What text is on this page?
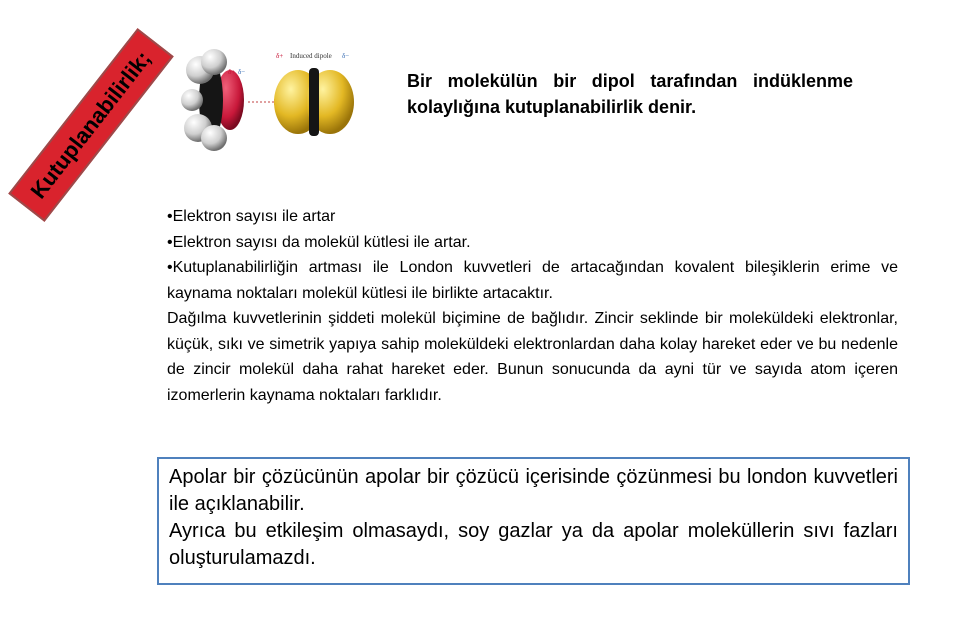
Kutuplanabilirlik;	δ+ δ−
δ+	δ−
Induced dipole
Bir molekülün bir dipol tarafından indüklenme kolaylığına kutuplanabilirlik denir.

•Elektron sayısı ile artar

•Elektron sayısı da molekül kütlesi ile artar.

•Kutuplanabilirliğin artması ile London kuvvetleri de artacağından kovalent bileşiklerin erime ve kaynama noktaları molekül kütlesi ile birlikte artacaktır.

Dağılma kuvvetlerinin şiddeti molekül biçimine de bağlıdır. Zincir seklinde bir moleküldeki elektronlar, küçük, sıkı ve simetrik yapıya sahip moleküldeki elektronlardan daha kolay hareket eder ve bu nedenle de zincir molekül daha rahat hareket eder. Bunun sonucunda da ayni tür ve sayıda atom içeren izomerlerin kaynama noktaları farklıdır.

Apolar bir çözücünün apolar bir çözücü içerisinde çözünmesi bu london kuvvetleri ile açıklanabilir.

Ayrıca bu etkileşim olmasaydı, soy gazlar ya da apolar moleküllerin sıvı fazları oluşturulamazdı.
